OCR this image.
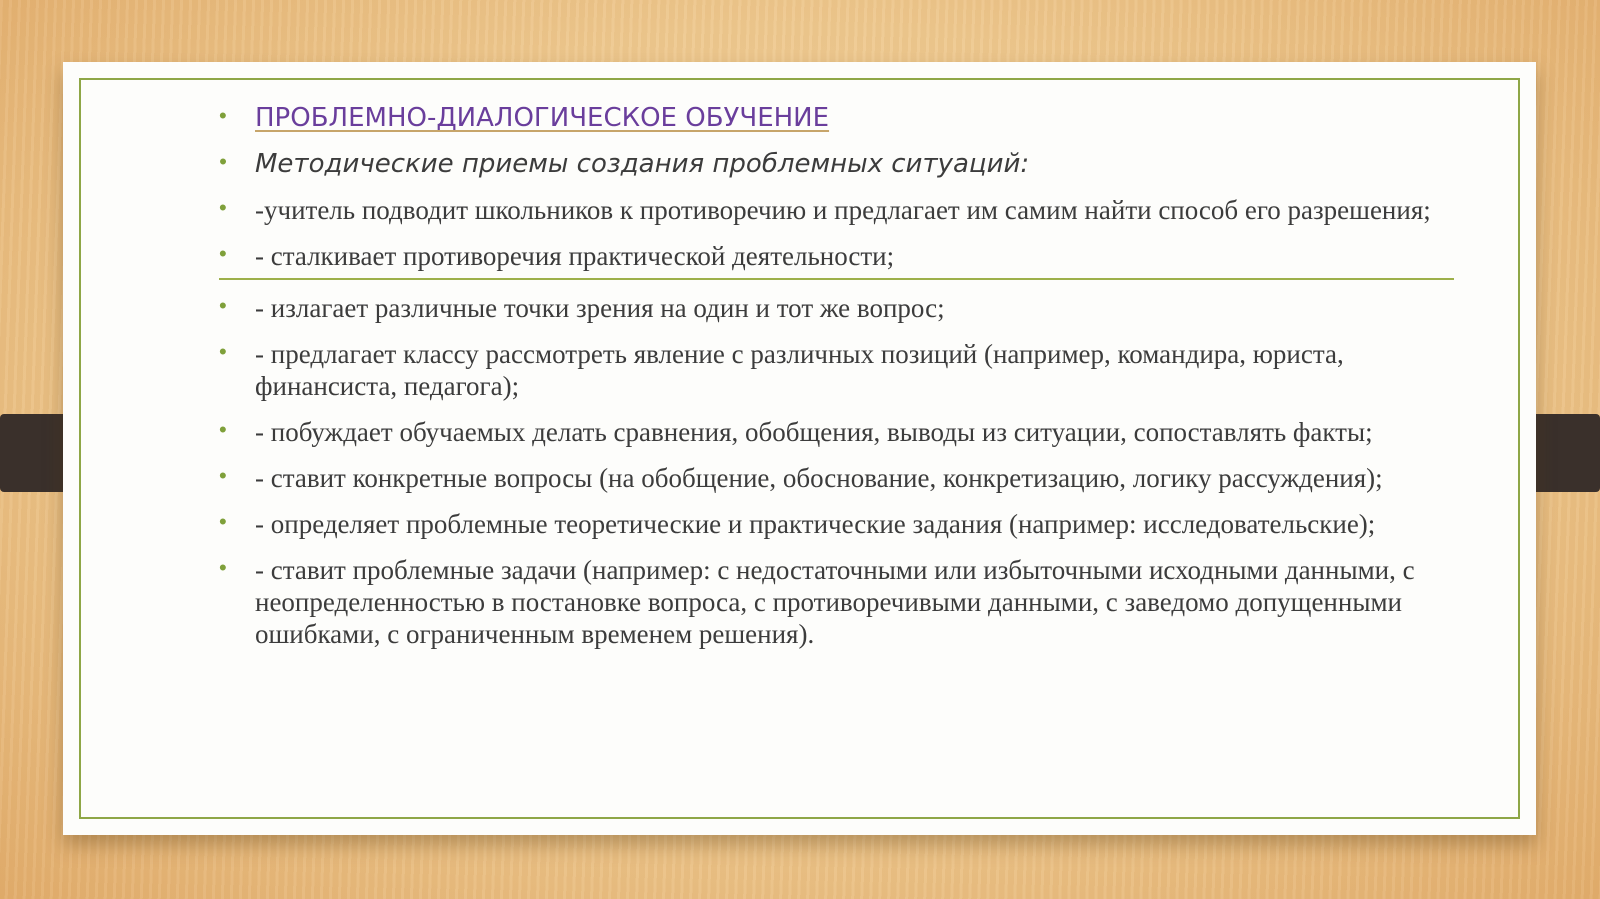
• ПРОБЛЕМНО-ДИАЛОГИЧЕСКОЕ ОБУЧЕНИЕ
• Методические приемы создания проблемных ситуаций:
• -учитель подводит школьников к противоречию и предлагает им самим найти способ его разрешения;
• - сталкивает противоречия практической деятельности;
• - излагает различные точки зрения на один и тот же вопрос;
• - предлагает классу рассмотреть явление с различных позиций (например, командира, юриста, финансиста, педагога);
• - побуждает обучаемых делать сравнения, обобщения, выводы из ситуации, сопоставлять факты;
• - ставит конкретные вопросы (на обобщение, обоснование, конкретизацию, логику рассуждения);
• - определяет проблемные теоретические и практические задания (например: исследовательские);
• - ставит проблемные задачи (например: с недостаточными или избыточными исходными данными, с неопределенностью в постановке вопроса, с противоречивыми данными, с заведомо допущенными ошибками, с ограниченным временем решения).
